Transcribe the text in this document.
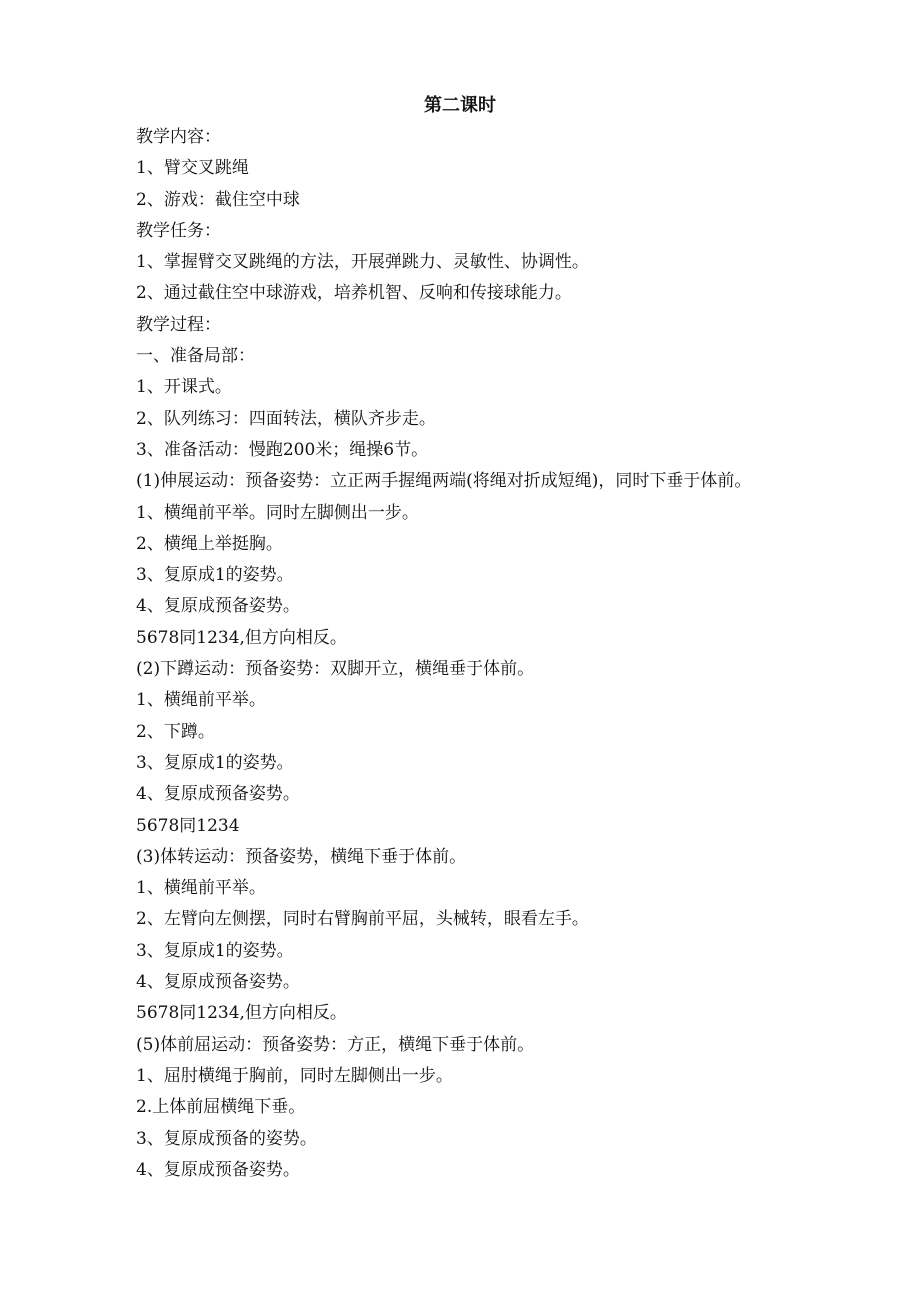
第二课时
教学内容：
1、臂交叉跳绳
2、游戏：截住空中球
教学任务：
1、掌握臂交叉跳绳的方法，开展弹跳力、灵敏性、协调性。
2、通过截住空中球游戏，培养机智、反响和传接球能力。
教学过程：
一、准备局部：
1、开课式。
2、队列练习：四面转法，横队齐步走。
3、准备活动：慢跑200米；绳操6节。
(1)伸展运动：预备姿势：立正两手握绳两端(将绳对折成短绳)，同时下垂于体前。
1、横绳前平举。同时左脚侧出一步。
2、横绳上举挺胸。
3、复原成1的姿势。
4、复原成预备姿势。
5678同1234,但方向相反。
(2)下蹲运动：预备姿势：双脚开立，横绳垂于体前。
1、横绳前平举。
2、下蹲。
3、复原成1的姿势。
4、复原成预备姿势。
5678同1234
(3)体转运动：预备姿势，横绳下垂于体前。
1、横绳前平举。
2、左臂向左侧摆，同时右臂胸前平屈，头械转，眼看左手。
3、复原成1的姿势。
4、复原成预备姿势。
5678同1234,但方向相反。
(5)体前屈运动：预备姿势：方正，横绳下垂于体前。
1、屈肘横绳于胸前，同时左脚侧出一步。
2.上体前屈横绳下垂。
3、复原成预备的姿势。
4、复原成预备姿势。
